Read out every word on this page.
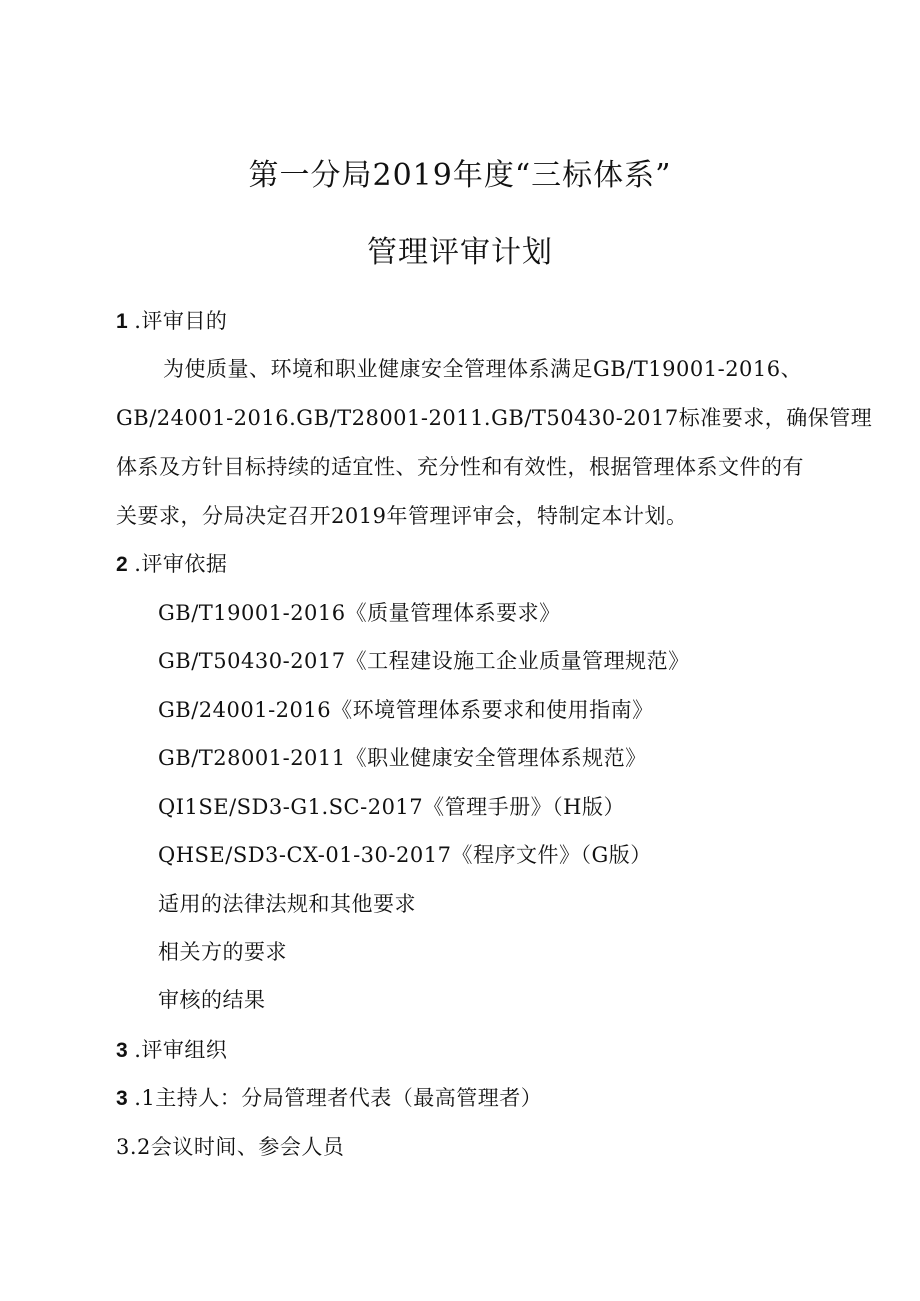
第一分局2019年度“三标体系”
管理评审计划
1 .评审目的
为使质量、环境和职业健康安全管理体系满足GB/T19001-2016、
GB/24001-2016.GB/T28001-2011.GB/T50430-2017标准要求，确保管理
体系及方针目标持续的适宜性、充分性和有效性，根据管理体系文件的有
关要求，分局决定召开2019年管理评审会，特制定本计划。
2 .评审依据
GB/T19001-2016《质量管理体系要求》
GB/T50430-2017《工程建设施工企业质量管理规范》
GB/24001-2016《环境管理体系要求和使用指南》
GB/T28001-2011《职业健康安全管理体系规范》
QI1SE/SD3-G1.SC-2017《管理手册》（H版）
QHSE/SD3-CX-01-30-2017《程序文件》（G版）
适用的法律法规和其他要求
相关方的要求
审核的结果
3 .评审组织
3 .1主持人：分局管理者代表（最高管理者）
3.2会议时间、参会人员
